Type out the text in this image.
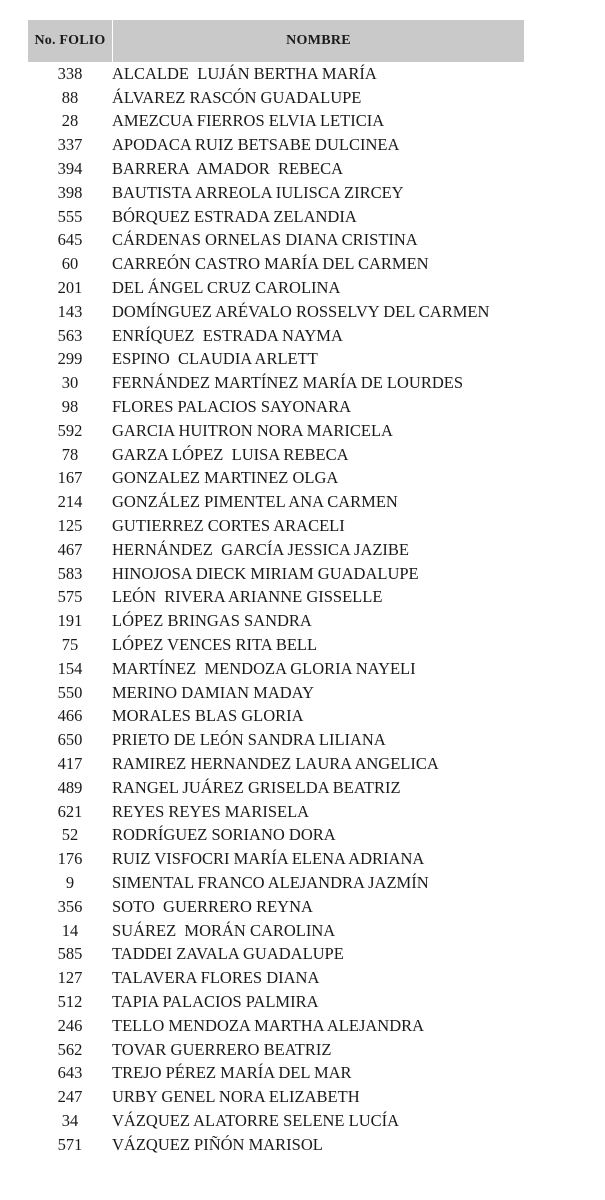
No. FOLIO	NOMBRE
338	ALCALDE  LUJÁN BERTHA MARÍA
88	ÁLVAREZ RASCÓN GUADALUPE
28	AMEZCUA FIERROS ELVIA LETICIA
337	APODACA RUIZ BETSABE DULCINEA
394	BARRERA  AMADOR  REBECA
398	BAUTISTA ARREOLA IULISCA ZIRCEY
555	BÓRQUEZ ESTRADA ZELANDIA
645	CÁRDENAS ORNELAS DIANA CRISTINA
60	CARREÓN CASTRO MARÍA DEL CARMEN
201	DEL ÁNGEL CRUZ CAROLINA
143	DOMÍNGUEZ ARÉVALO ROSSELVY DEL CARMEN
563	ENRÍQUEZ  ESTRADA NAYMA
299	ESPINO  CLAUDIA ARLETT
30	FERNÁNDEZ MARTÍNEZ MARÍA DE LOURDES
98	FLORES PALACIOS SAYONARA
592	GARCIA HUITRON NORA MARICELA
78	GARZA LÓPEZ  LUISA REBECA
167	GONZALEZ MARTINEZ OLGA
214	GONZÁLEZ PIMENTEL ANA CARMEN
125	GUTIERREZ CORTES ARACELI
467	HERNÁNDEZ  GARCÍA JESSICA JAZIBE
583	HINOJOSA DIECK MIRIAM GUADALUPE
575	LEÓN  RIVERA ARIANNE GISSELLE
191	LÓPEZ BRINGAS SANDRA
75	LÓPEZ VENCES RITA BELL
154	MARTÍNEZ  MENDOZA GLORIA NAYELI
550	MERINO DAMIAN MADAY
466	MORALES BLAS GLORIA
650	PRIETO DE LEÓN SANDRA LILIANA
417	RAMIREZ HERNANDEZ LAURA ANGELICA
489	RANGEL JUÁREZ GRISELDA BEATRIZ
621	REYES REYES MARISELA
52	RODRÍGUEZ SORIANO DORA
176	RUIZ VISFOCRI MARÍA ELENA ADRIANA
9	SIMENTAL FRANCO ALEJANDRA JAZMÍN
356	SOTO  GUERRERO REYNA
14	SUÁREZ  MORÁN CAROLINA
585	TADDEI ZAVALA GUADALUPE
127	TALAVERA FLORES DIANA
512	TAPIA PALACIOS PALMIRA
246	TELLO MENDOZA MARTHA ALEJANDRA
562	TOVAR GUERRERO BEATRIZ
643	TREJO PÉREZ MARÍA DEL MAR
247	URBY GENEL NORA ELIZABETH
34	VÁZQUEZ ALATORRE SELENE LUCÍA
571	VÁZQUEZ PIÑÓN MARISOL
